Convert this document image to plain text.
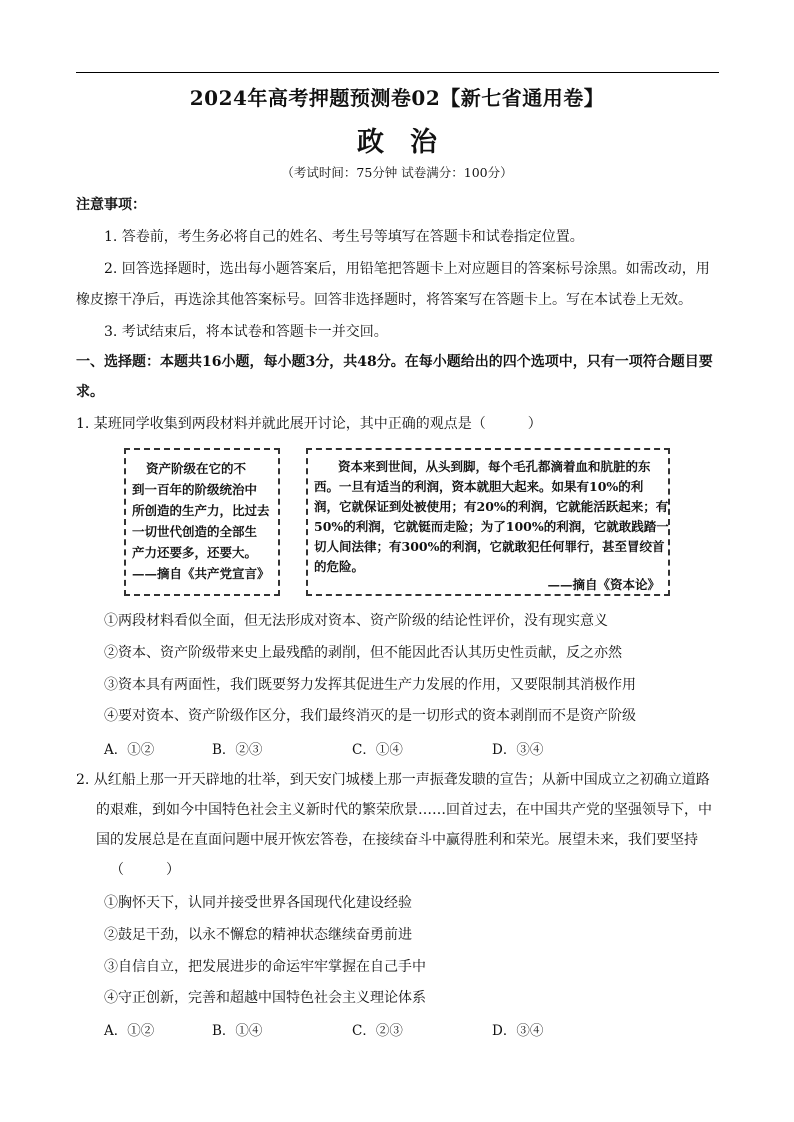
2024年高考押题预测卷02【新七省通用卷】
政治
（考试时间：75分钟 试卷满分：100分）
注意事项：
1. 答卷前，考生务必将自己的姓名、考生号等填写在答题卡和试卷指定位置。
2. 回答选择题时，选出每小题答案后，用铅笔把答题卡上对应题目的答案标号涂黑。如需改动，用
橡皮擦干净后，再选涂其他答案标号。回答非选择题时，将答案写在答题卡上。写在本试卷上无效。
3. 考试结束后，将本试卷和答题卡一并交回。
一、选择题：本题共16小题，每小题3分，共48分。在每小题给出的四个选项中，只有一项符合题目要
求。
1. 某班同学收集到两段材料并就此展开讨论，其中正确的观点是（　　　）
资产阶级在它的不
到一百年的阶级统治中
所创造的生产力，比过去
一切世代创造的全部生
产力还要多，还要大。
——摘自《共产党宣言》
资本来到世间，从头到脚，每个毛孔都滴着血和肮脏的东
西。一旦有适当的利润，资本就胆大起来。如果有10%的利
润，它就保证到处被使用；有20%的利润，它就能活跃起来；有
50%的利润，它就铤而走险；为了100%的利润，它就敢践踏一
切人间法律；有300%的利润，它就敢犯任何罪行，甚至冒绞首
的危险。
——摘自《资本论》
①两段材料看似全面，但无法形成对资本、资产阶级的结论性评价，没有现实意义
②资本、资产阶级带来史上最残酷的剥削，但不能因此否认其历史性贡献，反之亦然
③资本具有两面性，我们既要努力发挥其促进生产力发展的作用，又要限制其消极作用
④要对资本、资产阶级作区分，我们最终消灭的是一切形式的资本剥削而不是资产阶级
A．①②	B．②③	C．①④	D．③④
2. 从红船上那一开天辟地的壮举，到天安门城楼上那一声振聋发聩的宣告；从新中国成立之初确立道路
的艰难，到如今中国特色社会主义新时代的繁荣欣景……回首过去，在中国共产党的坚强领导下，中
国的发展总是在直面问题中展开恢宏答卷，在接续奋斗中赢得胜利和荣光。展望未来，我们要坚持
（　　　）
①胸怀天下，认同并接受世界各国现代化建设经验
②鼓足干劲，以永不懈怠的精神状态继续奋勇前进
③自信自立，把发展进步的命运牢牢掌握在自己手中
④守正创新，完善和超越中国特色社会主义理论体系
A．①②	B．①④	C．②③	D．③④
